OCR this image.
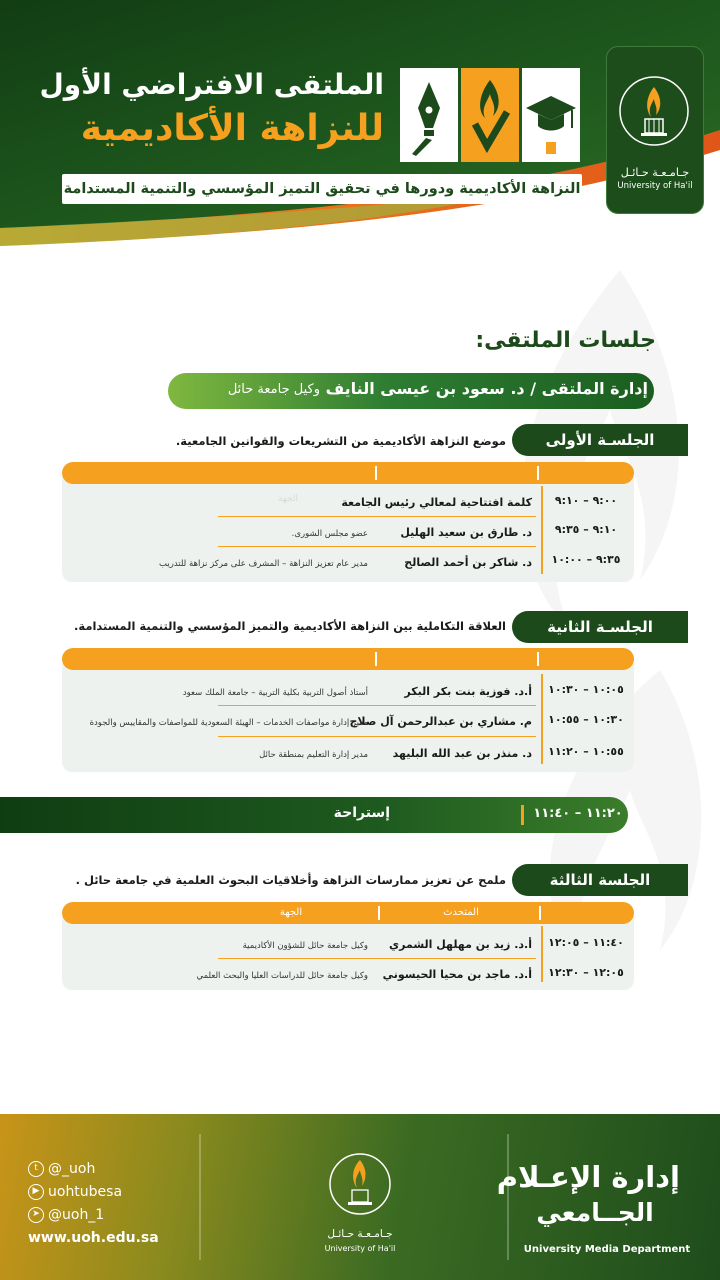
الملتقى الافتراضي الأول
للنزاهة الأكاديمية
النزاهة الأكاديمية ودورها في تحقيق التميز المؤسسي والتنمية المستدامة
جـامـعـة حـائـل
University of Ha'il
جلسات الملتقى:
إدارة الملتقى / د. سعود بن عيسى النايف
وكيل جامعة حائل
الجلسـة الأولى
موضع النزاهة الأكاديمية من التشريعات والقوانين الجامعية.
الجهة	٩:٠٠ – ٩:١٠
كلمة افتتاحية لمعالي رئيس الجامعة
٩:١٠ – ٩:٣٥
د. طارق بن سعيد الهليل
عضو مجلس الشورى.
٩:٣٥ – ١٠:٠٠
د. شاكر بن أحمد الصالح
مدير عام تعزيز النزاهة – المشرف على مركز نزاهة للتدريب
الجلسـة الثانية
العلاقة التكاملية بين النزاهة الأكاديمية والتميز المؤسسي والتنمية المستدامة.
١٠:٠٥ – ١٠:٣٠
أ.د. فوزية بنت بكر البكر
أستاذ أصول التربية بكلية التربية – جامعة الملك سعود
١٠:٣٠ – ١٠:٥٥
م. مشاري بن عبدالرحمن آل صلاح
مدير إدارة مواصفات الخدمات – الهيئة السعودية للمواصفات والمقاييس والجودة
١٠:٥٥ – ١١:٢٠
د. منذر بن عبد الله البليهد
مدير إدارة التعليم بمنطقة حائل
إستراحة	١١:٢٠ – ١١:٤٠
الجلسة الثالثة
ملمح عن تعزيز ممارسات النزاهة وأخلاقيات البحوث العلمية في جامعة حائل .
المتحدث
الجهة
١١:٤٠ – ١٢:٠٥
أ.د. زيد بن مهلهل الشمري
وكيل جامعة حائل للشؤون الأكاديمية
١٢:٠٥ – ١٢:٣٠
أ.د. ماجد بن محيا الحيسوني
وكيل جامعة حائل للدراسات العليا والبحث العلمي
t @_uoh
▶ uohtubesa
➤ @uoh_1
www.uoh.edu.sa	جـامـعـة حـائـل
University of Ha'il
إدارة الإعـلام
الجــامعي
University Media Department
